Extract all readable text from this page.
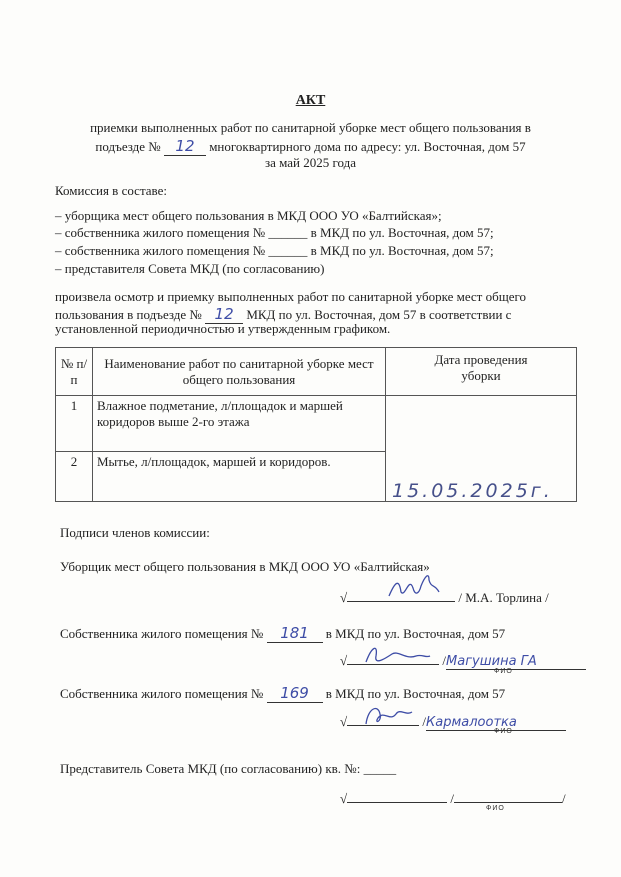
АКТ
приемки выполненных работ по санитарной уборке мест общего пользования в
подъезде № 12 многоквартирного дома по адресу: ул. Восточная, дом 57
за май 2025 года
Комиссия в составе:
– уборщика мест общего пользования в МКД ООО УО «Балтийская»;
– собственника жилого помещения № ______ в МКД по ул. Восточная, дом 57;
– собственника жилого помещения № ______ в МКД по ул. Восточная, дом 57;
– представителя Совета МКД (по согласованию)
произвела осмотр и приемку выполненных работ по санитарной уборке мест общего
пользования в подъезде № 12 МКД по ул. Восточная, дом 57 в соответствии с
установленной периодичностью и утвержденным графиком.
№ п/п	Наименование работ по санитарной уборке мест общего пользования	Дата проведения уборки
1	Влажное подметание, л/площадок и маршей коридоров выше 2-го этажа	15.05.2025г.

2	Мытье, л/площадок, маршей и коридоров.	
Подписи членов комиссии:
Уборщик мест общего пользования в МКД ООО УО «Балтийская»
√	/ М.А. Торлина /
Собственника жилого помещения № 181 в МКД по ул. Восточная, дом 57
√	/Магушина ГА
ФИО
Собственника жилого помещения № 169 в МКД по ул. Восточная, дом 57
√	/Кармалоотка
ФИО
Представитель Совета МКД (по согласованию) кв. №: _____
√	/	/
ФИО
